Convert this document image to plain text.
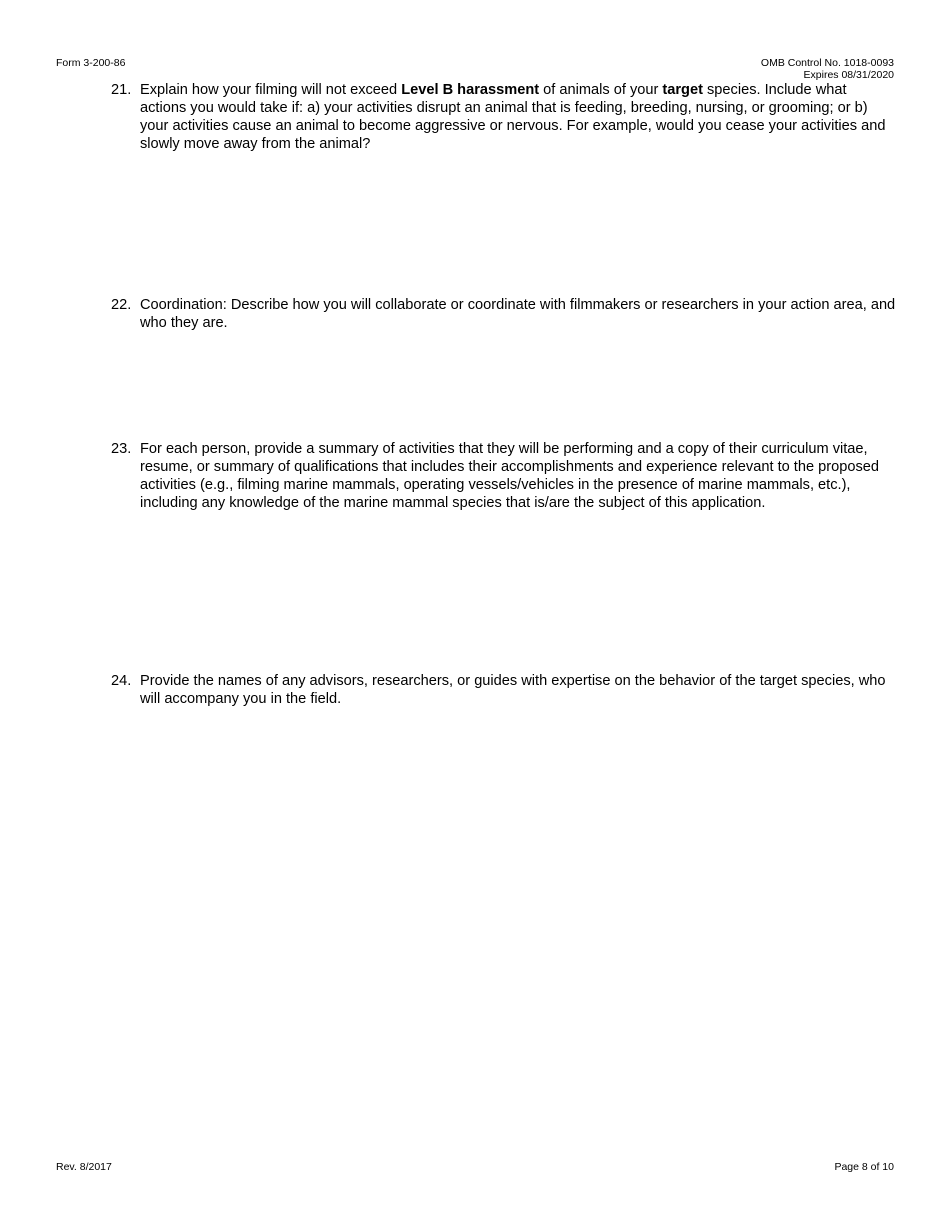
Form 3-200-86	OMB Control No. 1018-0093
Expires 08/31/2020
21. Explain how your filming will not exceed Level B harassment of animals of your target species. Include what actions you would take if: a) your activities disrupt an animal that is feeding, breeding, nursing, or grooming; or b) your activities cause an animal to become aggressive or nervous. For example, would you cease your activities and slowly move away from the animal?
22. Coordination: Describe how you will collaborate or coordinate with filmmakers or researchers in your action area, and who they are.
23. For each person, provide a summary of activities that they will be performing and a copy of their curriculum vitae, resume, or summary of qualifications that includes their accomplishments and experience relevant to the proposed activities (e.g., filming marine mammals, operating vessels/vehicles in the presence of marine mammals, etc.), including any knowledge of the marine mammal species that is/are the subject of this application.
24. Provide the names of any advisors, researchers, or guides with expertise on the behavior of the target species, who will accompany you in the field.
Rev. 8/2017	Page 8 of 10
